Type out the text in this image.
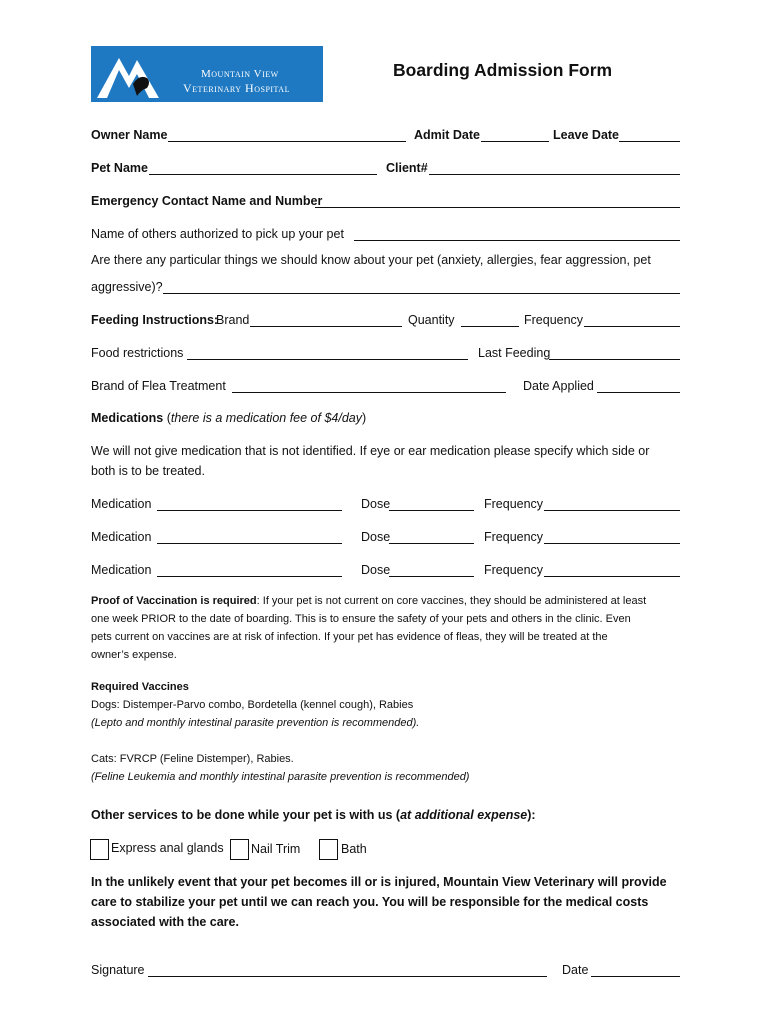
Mountain View
Veterinary Hospital
Boarding Admission Form
Owner Name	Admit Date	Leave Date
Pet Name	Client#
Emergency Contact Name and Number
Name of others authorized to pick up your pet
Are there any particular things we should know about your pet (anxiety, allergies, fear aggression, pet
aggressive)?
Feeding Instructions:
Brand	Quantity	Frequency
Food restrictions	Last Feeding
Brand of Flea Treatment	Date Applied
Medications (there is a medication fee of $4/day)
We will not give medication that is not identified. If eye or ear medication please specify which side or
both is to be treated.
Medication	Dose	Frequency
Medication	Dose	Frequency
Medication	Dose	Frequency
Proof of Vaccination is required: If your pet is not current on core vaccines, they should be administered at least
one week PRIOR to the date of boarding. This is to ensure the safety of your pets and others in the clinic. Even
pets current on vaccines are at risk of infection. If your pet has evidence of fleas, they will be treated at the
owner’s expense.
Required Vaccines
Dogs: Distemper-Parvo combo, Bordetella (kennel cough), Rabies
(Lepto and monthly intestinal parasite prevention is recommended).
Cats: FVRCP (Feline Distemper), Rabies.
(Feline Leukemia and monthly intestinal parasite prevention is recommended)
Other services to be done while your pet is with us (at additional expense):
Express anal glands Nail Trim	Bath
In the unlikely event that your pet becomes ill or is injured, Mountain View Veterinary will provide
care to stabilize your pet until we can reach you. You will be responsible for the medical costs
associated with the care.
Signature	Date
